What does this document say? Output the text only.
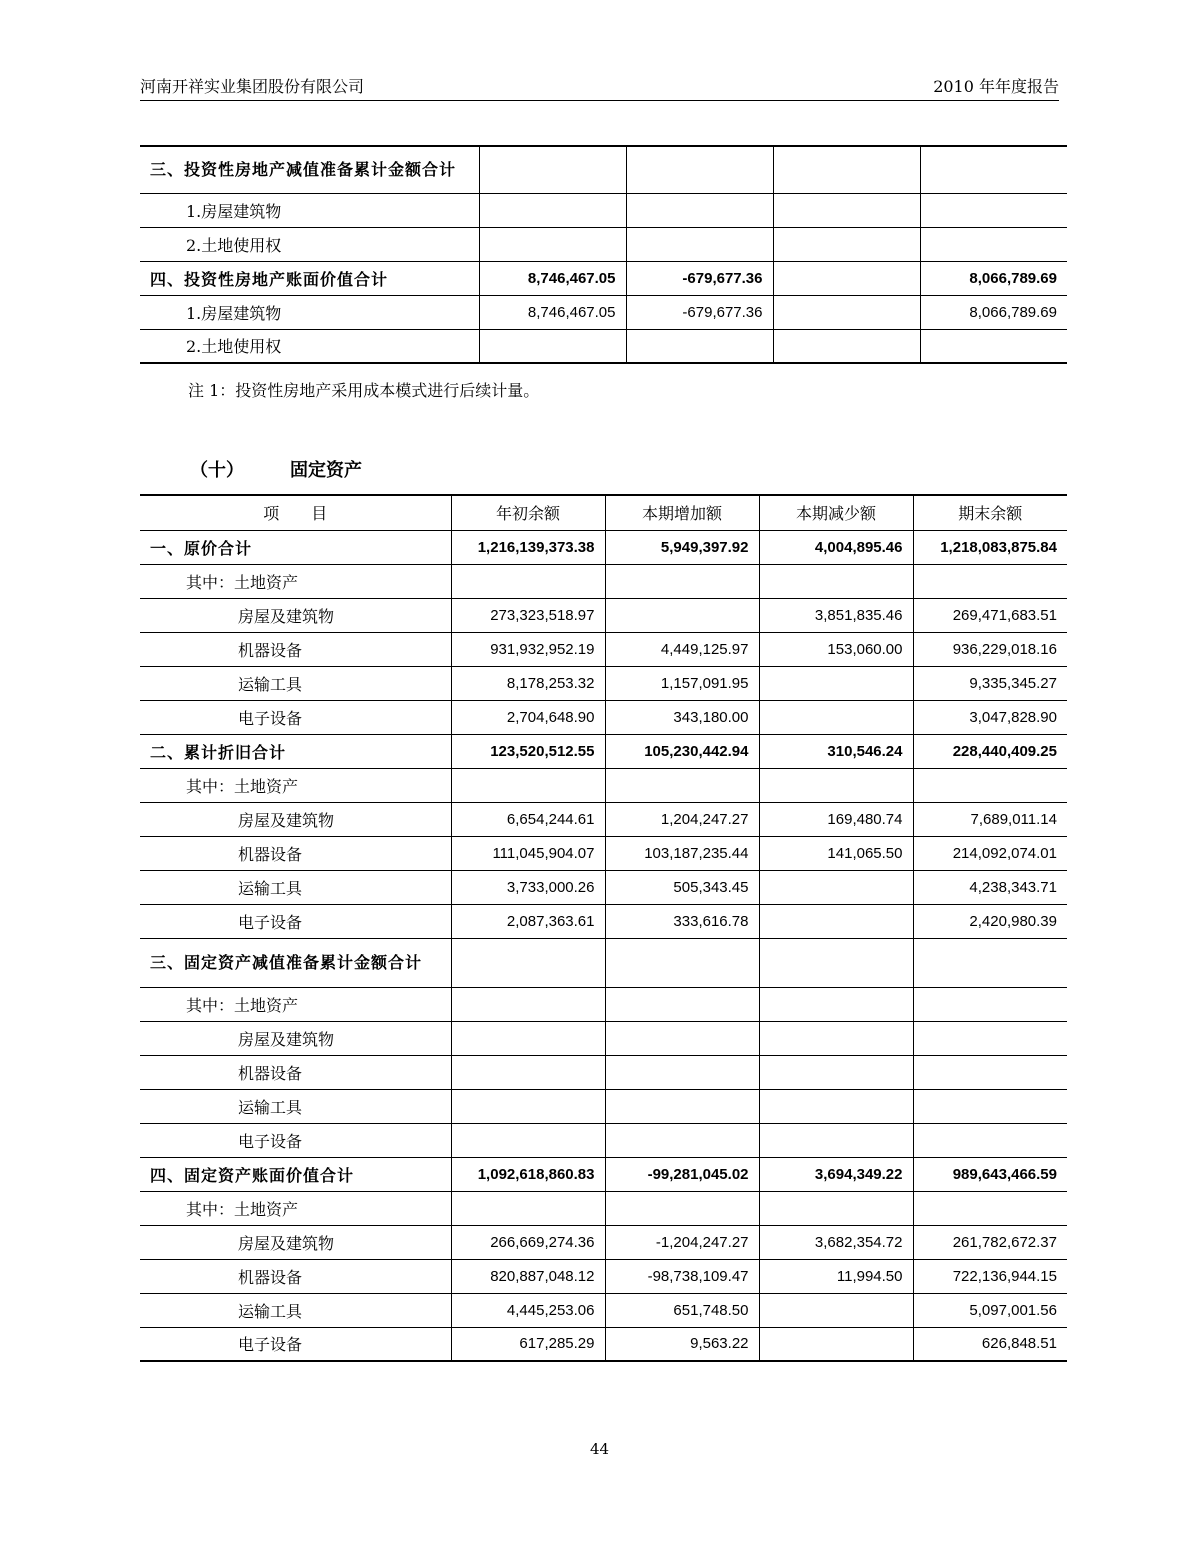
河南开祥实业集团股份有限公司	2010 年年度报告
三、投资性房地产减值准备累计金额合计				
1.房屋建筑物				
2.土地使用权				
四、投资性房地产账面价值合计	8,746,467.05	-679,677.36		8,066,789.69
1.房屋建筑物	8,746,467.05	-679,677.36		8,066,789.69
2.土地使用权				
注 1：投资性房地产采用成本模式进行后续计量。
（十）	固定资产
项　　目	年初余额	本期增加额	本期减少额	期末余额
一、原价合计	1,216,139,373.38	5,949,397.92	4,004,895.46	1,218,083,875.84
其中：土地资产				
房屋及建筑物	273,323,518.97		3,851,835.46	269,471,683.51
机器设备	931,932,952.19	4,449,125.97	153,060.00	936,229,018.16
运输工具	8,178,253.32	1,157,091.95		9,335,345.27
电子设备	2,704,648.90	343,180.00		3,047,828.90
二、累计折旧合计	123,520,512.55	105,230,442.94	310,546.24	228,440,409.25
其中：土地资产				
房屋及建筑物	6,654,244.61	1,204,247.27	169,480.74	7,689,011.14
机器设备	111,045,904.07	103,187,235.44	141,065.50	214,092,074.01
运输工具	3,733,000.26	505,343.45		4,238,343.71
电子设备	2,087,363.61	333,616.78		2,420,980.39
三、固定资产减值准备累计金额合计				
其中：土地资产				
房屋及建筑物				
机器设备				
运输工具				
电子设备				
四、固定资产账面价值合计	1,092,618,860.83	-99,281,045.02	3,694,349.22	989,643,466.59
其中：土地资产				
房屋及建筑物	266,669,274.36	-1,204,247.27	3,682,354.72	261,782,672.37
机器设备	820,887,048.12	-98,738,109.47	11,994.50	722,136,944.15
运输工具	4,445,253.06	651,748.50		5,097,001.56
电子设备	617,285.29	9,563.22		626,848.51
44
